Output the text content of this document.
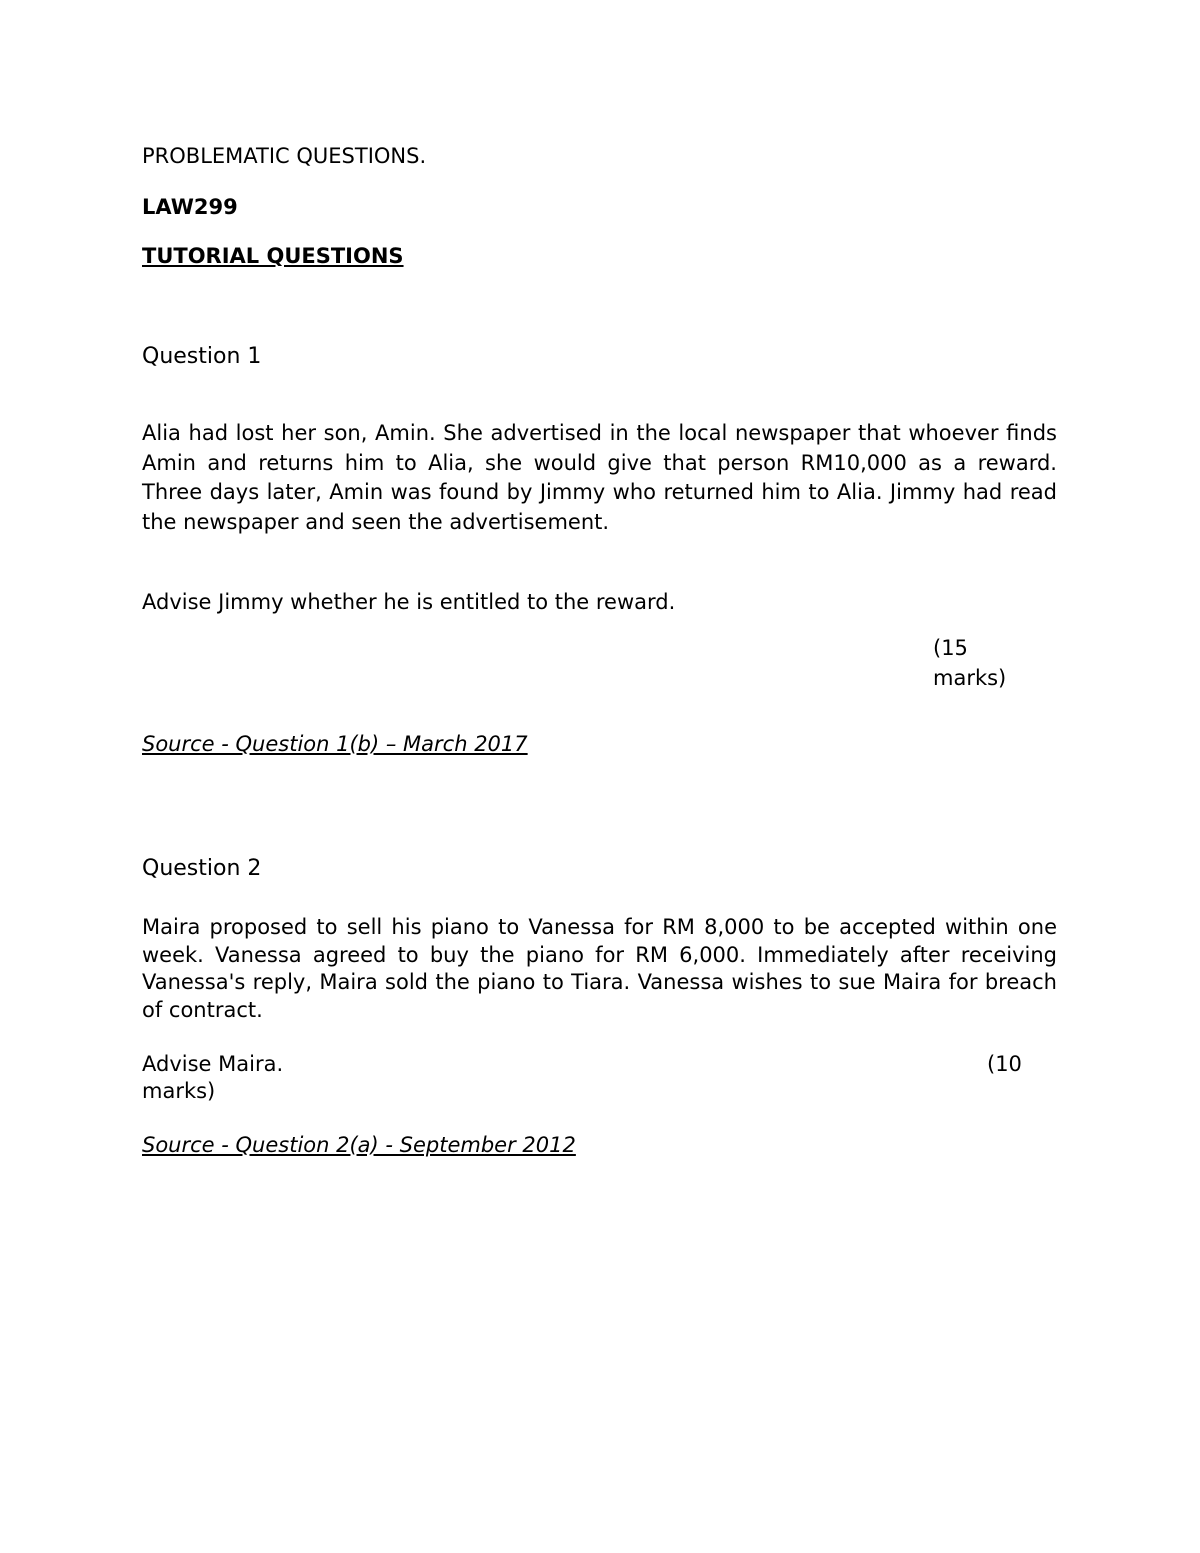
PROBLEMATIC QUESTIONS.
LAW299
TUTORIAL QUESTIONS
Question 1
Alia had lost her son, Amin. She advertised in the local newspaper that whoever finds Amin and returns him to Alia, she would give that person RM10,000 as a reward. Three days later, Amin was found by Jimmy who returned him to Alia. Jimmy had read the newspaper and seen the advertisement.
Advise Jimmy whether he is entitled to the reward.
(15
marks)
Source - Question 1(b) – March 2017
Question 2
Maira proposed to sell his piano to Vanessa for RM 8,000 to be accepted within one week. Vanessa agreed to buy the piano for RM 6,000. Immediately after receiving Vanessa's reply, Maira sold the piano to Tiara. Vanessa wishes to sue Maira for breach of contract.
Advise Maira.	(10
marks)
Source - Question 2(a) - September 2012
